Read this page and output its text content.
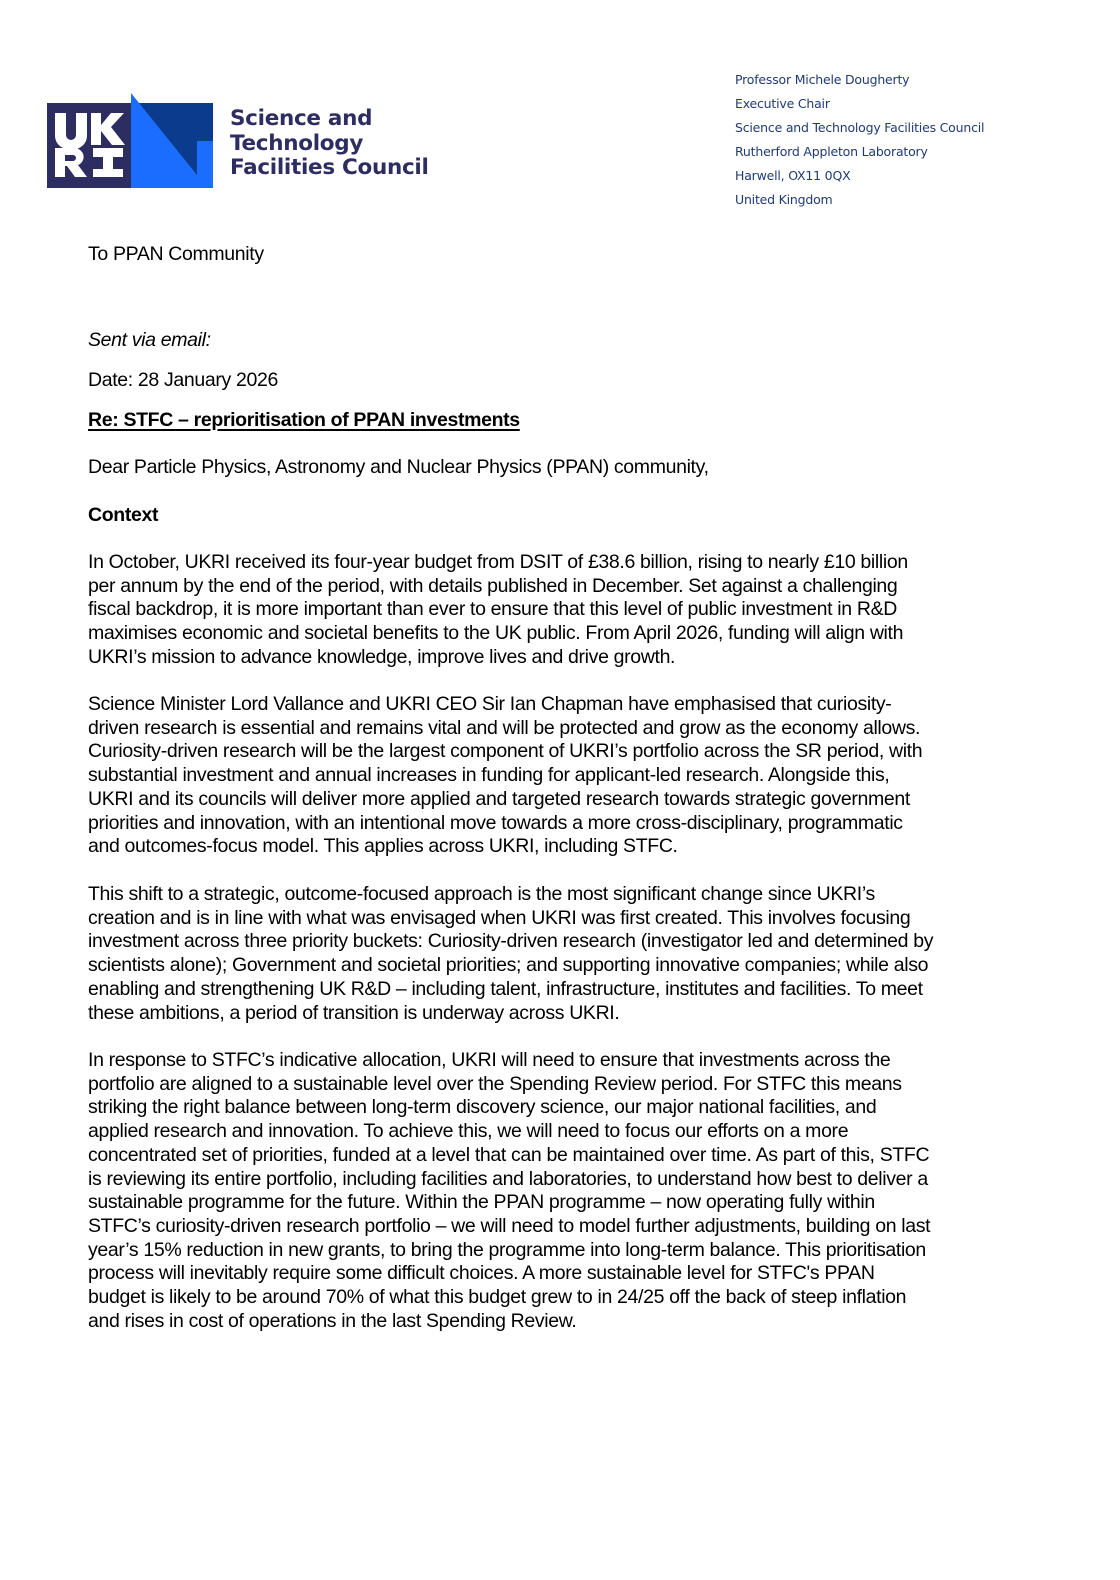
Science and
Technology
Facilities Council
Professor Michele Dougherty
Executive Chair
Science and Technology Facilities Council
Rutherford Appleton Laboratory
Harwell, OX11 0QX
United Kingdom
To PPAN Community
Sent via email:
Date: 28 January 2026
Re: STFC – reprioritisation of PPAN investments
Dear Particle Physics, Astronomy and Nuclear Physics (PPAN) community,
Context
In October, UKRI received its four-year budget from DSIT of £38.6 billion, rising to nearly £10 billion
per annum by the end of the period, with details published in December. Set against a challenging
fiscal backdrop, it is more important than ever to ensure that this level of public investment in R&D
maximises economic and societal benefits to the UK public. From April 2026, funding will align with
UKRI’s mission to advance knowledge, improve lives and drive growth.
Science Minister Lord Vallance and UKRI CEO Sir Ian Chapman have emphasised that curiosity-
driven research is essential and remains vital and will be protected and grow as the economy allows.
Curiosity-driven research will be the largest component of UKRI’s portfolio across the SR period, with
substantial investment and annual increases in funding for applicant-led research. Alongside this,
UKRI and its councils will deliver more applied and targeted research towards strategic government
priorities and innovation, with an intentional move towards a more cross-disciplinary, programmatic
and outcomes-focus model. This applies across UKRI, including STFC.
This shift to a strategic, outcome-focused approach is the most significant change since UKRI’s
creation and is in line with what was envisaged when UKRI was first created. This involves focusing
investment across three priority buckets: Curiosity-driven research (investigator led and determined by
scientists alone); Government and societal priorities; and supporting innovative companies; while also
enabling and strengthening UK R&D – including talent, infrastructure, institutes and facilities. To meet
these ambitions, a period of transition is underway across UKRI.
In response to STFC’s indicative allocation, UKRI will need to ensure that investments across the
portfolio are aligned to a sustainable level over the Spending Review period. For STFC this means
striking the right balance between long-term discovery science, our major national facilities, and
applied research and innovation. To achieve this, we will need to focus our efforts on a more
concentrated set of priorities, funded at a level that can be maintained over time. As part of this, STFC
is reviewing its entire portfolio, including facilities and laboratories, to understand how best to deliver a
sustainable programme for the future. Within the PPAN programme – now operating fully within
STFC’s curiosity-driven research portfolio – we will need to model further adjustments, building on last
year’s 15% reduction in new grants, to bring the programme into long-term balance. This prioritisation
process will inevitably require some difficult choices. A more sustainable level for STFC's PPAN
budget is likely to be around 70% of what this budget grew to in 24/25 off the back of steep inflation
and rises in cost of operations in the last Spending Review.
